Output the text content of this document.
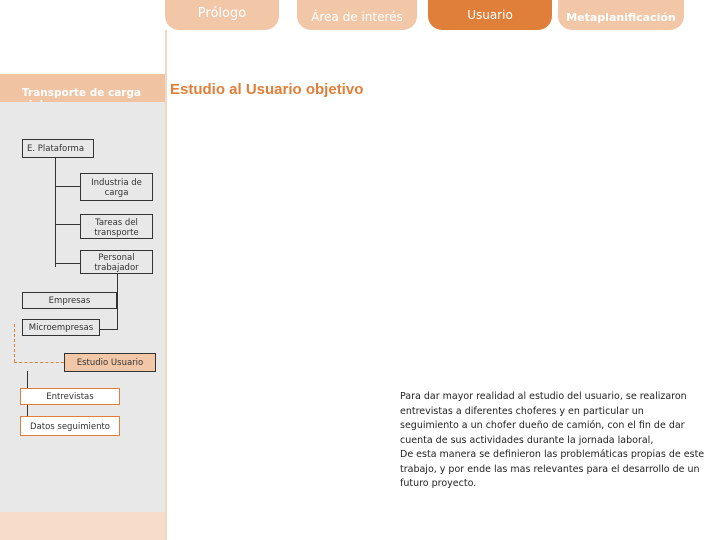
Prólogo	Área de interés	Usuario	Metaplanificación
Transporte de carga	Estudio al Usuario objetivo
E. Plataforma
Industria de carga
Tareas del transporte
Personal trabajador
Empresas
Microempresas
Estudio Usuario
Entrevistas
Datos seguimiento

Para dar mayor realidad al estudio del usuario, se realizaron entrevistas a diferentes choferes y en particular un seguimiento a un chofer dueño de camión, con el fin de dar cuenta de sus actividades durante la jornada laboral,

De esta manera se definieron las problemáticas propias de este trabajo, y por ende las mas relevantes para el desarrollo de un futuro proyecto.
